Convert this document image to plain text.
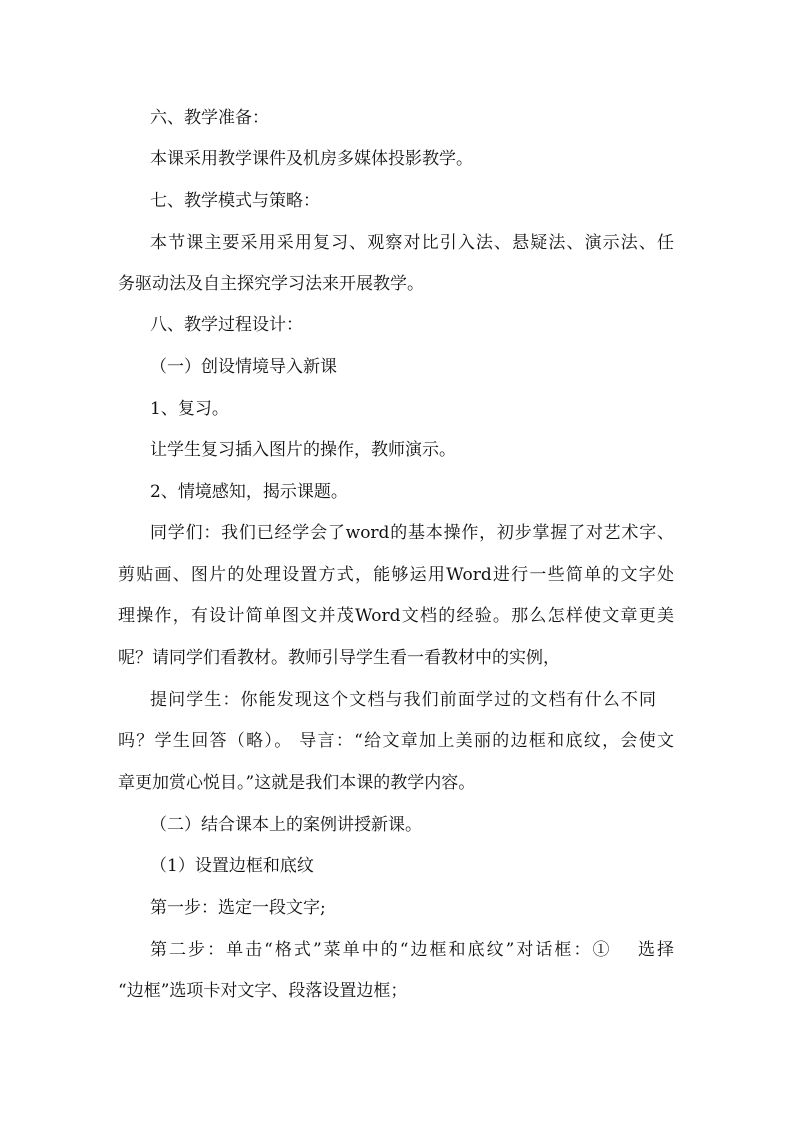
六、教学准备：
本课采用教学课件及机房多媒体投影教学。
七、教学模式与策略：
本节课主要采用采用复习、观察对比引入法、悬疑法、演示法、任
务驱动法及自主探究学习法来开展教学。
八、教学过程设计：
（一）创设情境导入新课
1、复习。
让学生复习插入图片的操作，教师演示。
2、情境感知，揭示课题。
同学们：我们已经学会了word的基本操作，初步掌握了对艺术字、
剪贴画、图片的处理设置方式，能够运用Word进行一些简单的文字处
理操作，有设计简单图文并茂Word文档的经验。那么怎样使文章更美
呢？请同学们看教材。教师引导学生看一看教材中的实例，
提问学生：你能发现这个文档与我们前面学过的文档有什么不同
吗？学生回答（略）。 导言：“给文章加上美丽的边框和底纹，会使文
章更加赏心悦目。”这就是我们本课的教学内容。
（二）结合课本上的案例讲授新课。
（1）设置边框和底纹
第一步：选定一段文字;
第二步：单击“格式”菜单中的“边框和底纹”对话框：①　 选择
“边框”选项卡对文字、段落设置边框；
